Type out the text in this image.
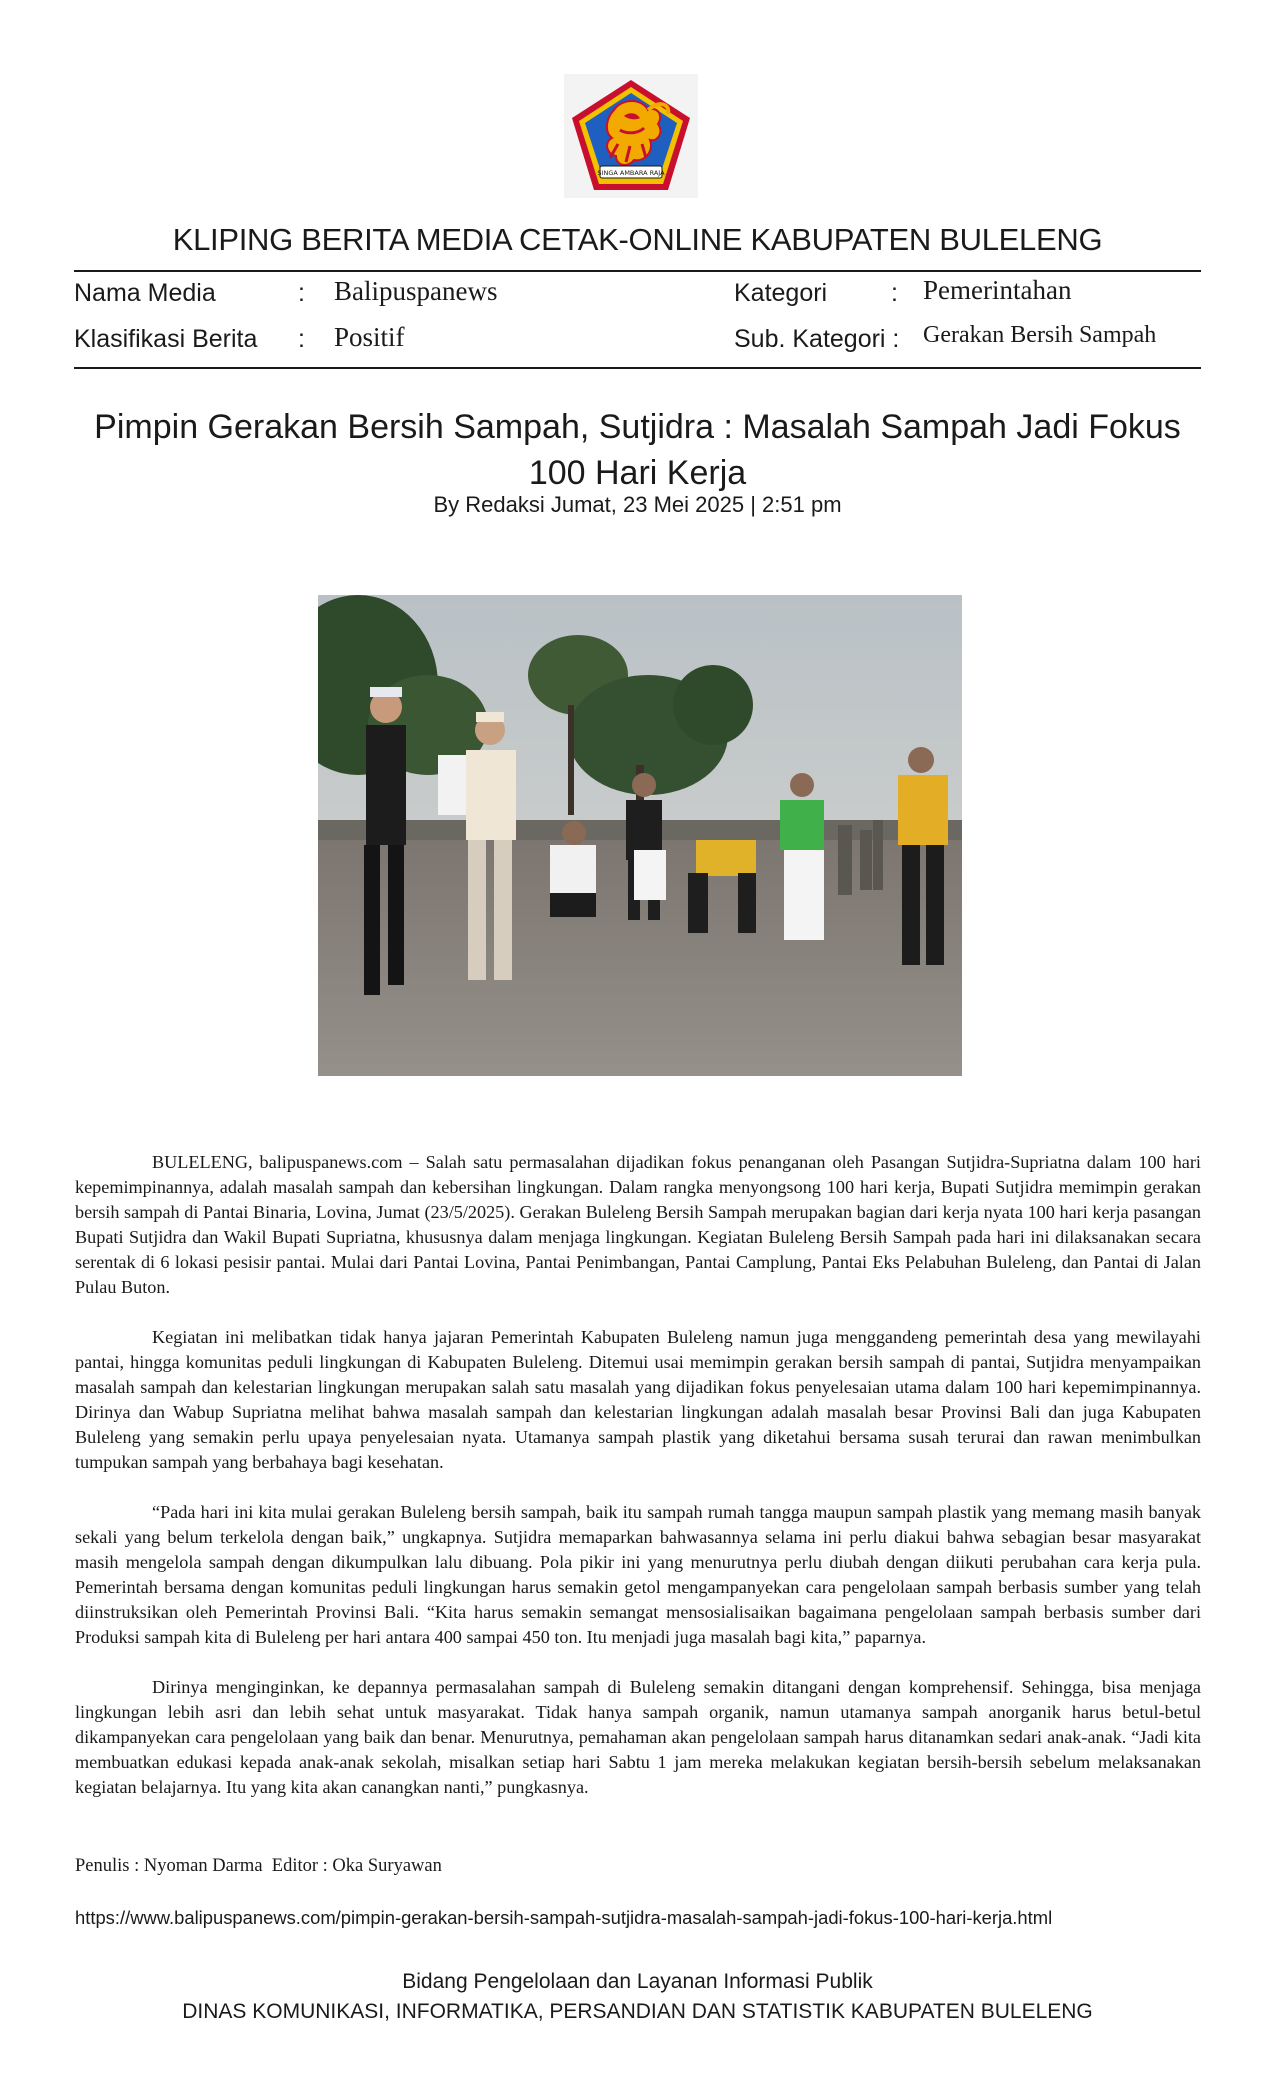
SINGA AMBARA RAJA
KLIPING BERITA MEDIA CETAK-ONLINE KABUPATEN BULELENG
Nama Media	: Balipuspanews	Kategori	: Pemerintahan
Klasifikasi Berita : Positif	Sub. Kategori : Gerakan Bersih Sampah
Pimpin Gerakan Bersih Sampah, Sutjidra : Masalah Sampah Jadi Fokus 100 Hari Kerja
By Redaksi Jumat, 23 Mei 2025 | 2:51 pm

BULELENG, balipuspanews.com – Salah satu permasalahan dijadikan fokus penanganan oleh Pasangan Sutjidra-Supriatna dalam 100 hari kepemimpinannya, adalah masalah sampah dan kebersihan lingkungan. Dalam rangka menyongsong 100 hari kerja, Bupati Sutjidra memimpin gerakan bersih sampah di Pantai Binaria, Lovina, Jumat (23/5/2025). Gerakan Buleleng Bersih Sampah merupakan bagian dari kerja nyata 100 hari kerja pasangan Bupati Sutjidra dan Wakil Bupati Supriatna, khususnya dalam menjaga lingkungan. Kegiatan Buleleng Bersih Sampah pada hari ini dilaksanakan secara serentak di 6 lokasi pesisir pantai. Mulai dari Pantai Lovina, Pantai Penimbangan, Pantai Camplung, Pantai Eks Pelabuhan Buleleng, dan Pantai di Jalan Pulau Buton.

Kegiatan ini melibatkan tidak hanya jajaran Pemerintah Kabupaten Buleleng namun juga menggandeng pemerintah desa yang mewilayahi pantai, hingga komunitas peduli lingkungan di Kabupaten Buleleng. Ditemui usai memimpin gerakan bersih sampah di pantai, Sutjidra menyampaikan masalah sampah dan kelestarian lingkungan merupakan salah satu masalah yang dijadikan fokus penyelesaian utama dalam 100 hari kepemimpinannya. Dirinya dan Wabup Supriatna melihat bahwa masalah sampah dan kelestarian lingkungan adalah masalah besar Provinsi Bali dan juga Kabupaten Buleleng yang semakin perlu upaya penyelesaian nyata. Utamanya sampah plastik yang diketahui bersama susah terurai dan rawan menimbulkan tumpukan sampah yang berbahaya bagi kesehatan.

“Pada hari ini kita mulai gerakan Buleleng bersih sampah, baik itu sampah rumah tangga maupun sampah plastik yang memang masih banyak sekali yang belum terkelola dengan baik,” ungkapnya. Sutjidra memaparkan bahwasannya selama ini perlu diakui bahwa sebagian besar masyarakat masih mengelola sampah dengan dikumpulkan lalu dibuang. Pola pikir ini yang menurutnya perlu diubah dengan diikuti perubahan cara kerja pula. Pemerintah bersama dengan komunitas peduli lingkungan harus semakin getol mengampanyekan cara pengelolaan sampah berbasis sumber yang telah diinstruksikan oleh Pemerintah Provinsi Bali. “Kita harus semakin semangat mensosialisaikan bagaimana pengelolaan sampah berbasis sumber dari Produksi sampah kita di Buleleng per hari antara 400 sampai 450 ton. Itu menjadi juga masalah bagi kita,” paparnya.

Dirinya menginginkan, ke depannya permasalahan sampah di Buleleng semakin ditangani dengan komprehensif. Sehingga, bisa menjaga lingkungan lebih asri dan lebih sehat untuk masyarakat. Tidak hanya sampah organik, namun utamanya sampah anorganik harus betul-betul dikampanyekan cara pengelolaan yang baik dan benar. Menurutnya, pemahaman akan pengelolaan sampah harus ditanamkan sedari anak-anak. “Jadi kita membuatkan edukasi kepada anak-anak sekolah, misalkan setiap hari Sabtu 1 jam mereka melakukan kegiatan bersih-bersih sebelum melaksanakan kegiatan belajarnya. Itu yang kita akan canangkan nanti,” pungkasnya.

Penulis : Nyoman Darma  Editor : Oka Suryawan
https://www.balipuspanews.com/pimpin-gerakan-bersih-sampah-sutjidra-masalah-sampah-jadi-fokus-100-hari-kerja.html
Bidang Pengelolaan dan Layanan Informasi Publik
DINAS KOMUNIKASI, INFORMATIKA, PERSANDIAN DAN STATISTIK KABUPATEN BULELENG
